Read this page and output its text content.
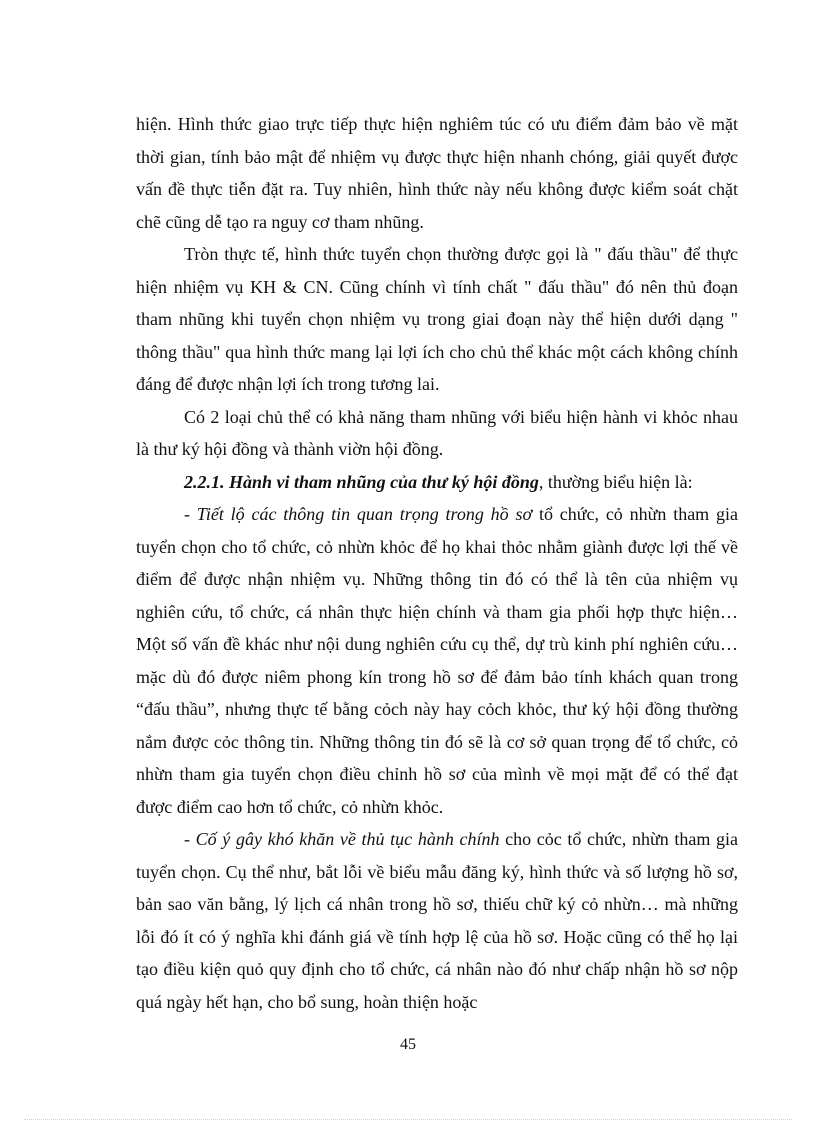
hiện. Hình thức giao trực tiếp thực hiện nghiêm túc có ưu điểm đảm bảo về mặt thời gian, tính bảo mật để nhiệm vụ được thực hiện nhanh chóng, giải quyết được vấn đề thực tiễn đặt ra. Tuy nhiên, hình thức này nếu không được kiểm soát chặt chẽ cũng dễ tạo ra nguy cơ tham nhũng.

Tròn thực tế, hình thức tuyển chọn thường được gọi là " đấu thầu" để thực hiện nhiệm vụ KH & CN. Cũng chính vì tính chất " đấu thầu" đó nên thủ đoạn tham nhũng khi tuyển chọn nhiệm vụ trong giai đoạn này thể hiện dưới dạng " thông thầu" qua hình thức mang lại lợi ích cho chủ thể khác một cách không chính đáng để được nhận lợi ích trong tương lai.

Có 2 loại chủ thể có khả năng tham nhũng với biểu hiện hành vi khỏc nhau là thư ký hội đồng và thành viờn hội đồng.

2.2.1. Hành vi tham nhũng của thư ký hội đồng, thường biểu hiện là:

- Tiết lộ các thông tin quan trọng trong hồ sơ tổ chức, cỏ nhừn tham gia tuyển chọn cho tổ chức, cỏ nhừn khỏc để họ khai thỏc nhằm giành được lợi thế về điểm để được nhận nhiệm vụ. Những thông tin đó có thể là tên của nhiệm vụ nghiên cứu, tổ chức, cá nhân thực hiện chính và tham gia phối hợp thực hiện… Một số vấn đề khác như nội dung nghiên cứu cụ thể, dự trù kinh phí nghiên cứu… mặc dù đó được niêm phong kín trong hồ sơ để đảm bảo tính khách quan trong “đấu thầu”, nhưng thực tế bằng cỏch này hay cỏch khỏc, thư ký hội đồng thường nắm được cỏc thông tin. Những thông tin đó sẽ là cơ sở quan trọng để tổ chức, cỏ nhừn tham gia tuyển chọn điều chỉnh hồ sơ của mình về mọi mặt để có thể đạt được điểm cao hơn tổ chức, cỏ nhừn khỏc.

- Cố ý gây khó khăn về thủ tục hành chính cho cỏc tổ chức, nhừn tham gia tuyển chọn. Cụ thể như, bắt lỗi về biểu mẫu đăng ký, hình thức và số lượng hồ sơ, bản sao văn bằng, lý lịch cá nhân trong hồ sơ, thiếu chữ ký cỏ nhừn… mà những lỗi đó ít có ý nghĩa khi đánh giá về tính hợp lệ của hồ sơ. Hoặc cũng có thể họ lại tạo điều kiện quỏ quy định cho tổ chức, cá nhân nào đó như chấp nhận hồ sơ nộp quá ngày hết hạn, cho bổ sung, hoàn thiện hoặc

45
